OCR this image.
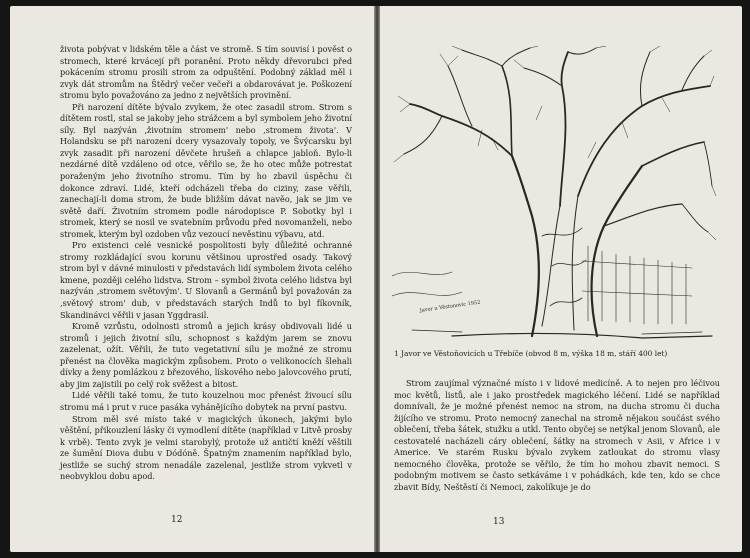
života pobývat v lidském těle a část ve stromě. S tím souvisí i pověst o stromech, které krvácejí při poranění. Proto někdy dřevorubci před pokácením stromu prosili strom za odpuštění. Podobný základ měl i zvyk dát stromům na Štědrý večer večeři a obdarovávat je. Poškození stromu bylo považováno za jedno z největších provinění.

Při narození dítěte bývalo zvykem, že otec zasadil strom. Strom s dítětem rostl, stal se jakoby jeho strážcem a byl symbolem jeho životní síly. Byl nazýván ‚životním stromem' nebo ‚stromem života'. V Holandsku se při narození dcery vysazovaly topoly, ve Švýcarsku byl zvyk zasadit při narození děvčete hrušeň a chlapce jabloň. Bylo-li nezdárné dítě vzdáleno od otce, věřilo se, že ho otec může potrestat poraženým jeho životního stromu. Tím by ho zbavil úspěchu či dokonce zdraví. Lidé, kteří odcházeli třeba do ciziny, zase věřili, zanechají-li doma strom, že bude bližším dávat navěo, jak se jim ve světě daří. Životním stromem podle národopisce P. Sobotky byl i stromek, který se nosil ve svatebním průvodu před novomanželi, nebo stromek, kterým byl ozdoben vůz vezoucí nevěstinu výbavu, atd.

Pro existenci celé vesnické pospolitosti byly důležité ochranné stromy rozkládající svou korunu většinou uprostřed osady. Takový strom byl v dávné minulosti v představách lidí symbolem života celého kmene, později celého lidstva. Strom – symbol života celého lidstva byl nazýván ‚stromem světovým'. U Slovanů a Germánů byl považován za ‚světový strom' dub, v představách starých Indů to byl fíkovník, Skandinávci věřili v jasan Yggdrasil.

Kromě vzrůstu, odolnosti stromů a jejich krásy obdivovali lidé u stromů i jejich životní sílu, schopnost s každým jarem se znovu zazelenat, ožít. Věřili, že tuto vegetativní sílu je možné ze stromu přenést na člověka magickým způsobem. Proto o velikonocích šlehali dívky a ženy pomlázkou z březového, lískového nebo jalovcového prutí, aby jim zajistili po celý rok svěžest a bitost.

Lidé věřili také tomu, že tuto kouzelnou moc přenést živoucí sílu stromu má i prut v ruce pasáka vyhánějícího dobytek na první pastvu.

Strom měl své místo také v magických úkonech, jakými bylo věštění, přikouzlení lásky či vymodlení dítěte (například v Litvě prosby k vrbě). Tento zvyk je velmi starobylý, protože už antičtí kněží věštili ze šumění Diova dubu v Dódóně. Špatným znamením například bylo, jestliže se suchý strom nenadále zazelenal, jestliže strom vykvetl v neobvyklou dobu apod.

12
Javor u Věstonovic 1952
1 Javor ve Věstoňovicích u Třebíče (obvod 8 m, výška 18 m, stáří 400 let)

Strom zaujímal význačné místo i v lidové medicíně. A to nejen pro léčivou moc květů, listů, ale i jako prostředek magického léčení. Lidé se například domnívali, že je možné přenést nemoc na strom, na ducha stromu či ducha žijícího ve stromu. Proto nemocný zanechal na stromě nějakou součást svého oblečení, třeba šátek, stužku a utkl. Tento obyčej se netýkal jenom Slovanů, ale cestovatelé nacházeli cáry oblečení, šátky na stromech v Asii, v Africe i v Americe. Ve starém Rusku bývalo zvykem zatloukat do stromu vlasy nemocného člověka, protože se věřilo, že tím ho mohou zbavit nemoci. S podobným motivem se často setkáváme i v pohádkách, kde ten, kdo se chce zbavit Bídy, Neštěstí či Nemoci, zakolíkuje je do

13
